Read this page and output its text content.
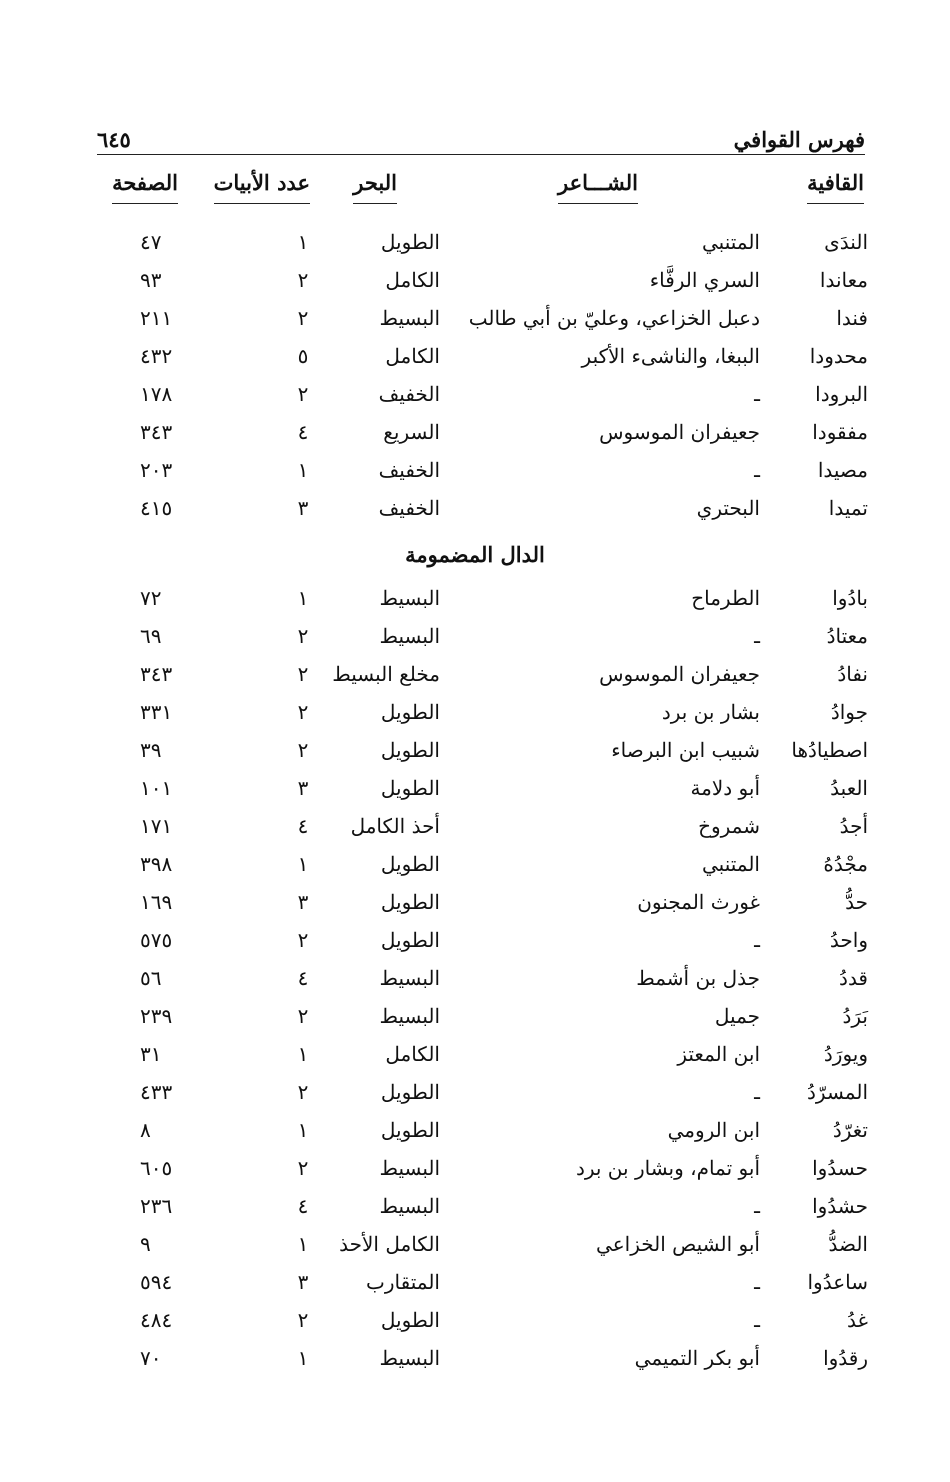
فهرس القوافي
٦٤٥
القافية
الشـــاعر
البحر
عدد الأبيات
الصفحة
الندَى
المتنبي
الطويل
١
٤٧
معاندا
السري الرفَّاء
الكامل
٢
٩٣
فندا
دعبل الخزاعي، وعليّ بن أبي طالب
البسيط
٢
٢١١
محدودا
الببغا، والناشىء الأكبر
الكامل
٥
٤٣٢
البرودا
ـ
الخفيف
٢
١٧٨
مفقودا
جعيفران الموسوس
السريع
٤
٣٤٣
مصيدا
ـ
الخفيف
١
٢٠٣
تميدا
البحتري
الخفيف
٣
٤١٥
الدال المضمومة
بادُوا
الطرماح
البسيط
١
٧٢
معتادُ
ـ
البسيط
٢
٦٩
نفادُ
جعيفران الموسوس
مخلع البسيط
٢
٣٤٣
جوادُ
بشار بن برد
الطويل
٢
٣٣١
اصطيادُها
شبيب ابن البرصاء
الطويل
٢
٣٩
العبدُ
أبو دلامة
الطويل
٣
١٠١
أجدُ
شمروخ
أحذ الكامل
٤
١٧١
مجْدُهُ
المتنبي
الطويل
١
٣٩٨
حدُّ
غورث المجنون
الطويل
٣
١٦٩
واحدُ
ـ
الطويل
٢
٥٧٥
قددُ
جذل بن أشمط
البسيط
٤
٥٦
بَرَدُ
جميل
البسيط
٢
٢٣٩
ويورَدُ
ابن المعتز
الكامل
١
٣١
المسرّدُ
ـ
الطويل
٢
٤٣٣
تغرّدُ
ابن الرومي
الطويل
١
٨
حسدُوا
أبو تمام، وبشار بن برد
البسيط
٢
٦٠٥
حشدُوا
ـ
البسيط
٤
٢٣٦
الضدُّ
أبو الشيص الخزاعي
الكامل الأحذ
١
٩
ساعدُوا
ـ
المتقارب
٣
٥٩٤
غدُ
ـ
الطويل
٢
٤٨٤
رقدُوا
أبو بكر التميمي
البسيط
١
٧٠
